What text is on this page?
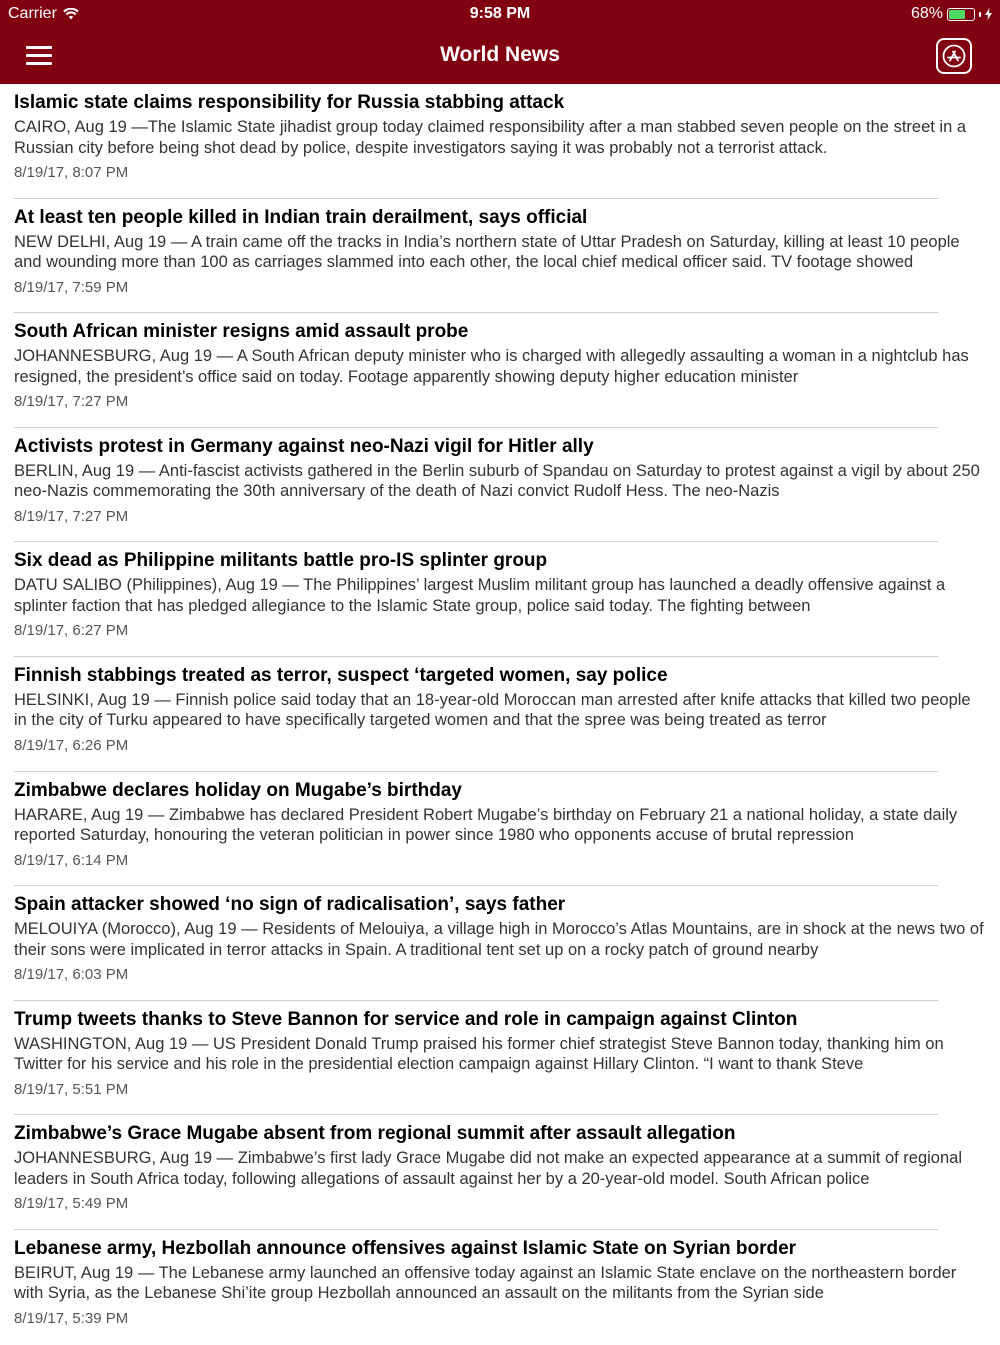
Carrier	9:58 PM	68%
World News
Islamic state claims responsibility for Russia stabbing attack
CAIRO, Aug 19 —The Islamic State jihadist group today claimed responsibility after a man stabbed seven people on the street in a Russian city before being shot dead by police, despite investigators saying it was probably not a terrorist attack.
8/19/17, 8:07 PM
At least ten people killed in Indian train derailment, says official
NEW DELHI, Aug 19 — A train came off the tracks in India’s northern state of Uttar Pradesh on Saturday, killing at least 10 people and wounding more than 100 as carriages slammed into each other, the local chief medical officer said. TV footage showed
8/19/17, 7:59 PM
South African minister resigns amid assault probe
JOHANNESBURG, Aug 19 — A South African deputy minister who is charged with allegedly assaulting a woman in a nightclub has resigned, the president’s office said on today. Footage apparently showing deputy higher education minister
8/19/17, 7:27 PM
Activists protest in Germany against neo-Nazi vigil for Hitler ally
BERLIN, Aug 19 — Anti-fascist activists gathered in the Berlin suburb of Spandau on Saturday to protest against a vigil by about 250 neo-Nazis commemorating the 30th anniversary of the death of Nazi convict Rudolf Hess. The neo-Nazis
8/19/17, 7:27 PM
Six dead as Philippine militants battle pro-IS splinter group
DATU SALIBO (Philippines), Aug 19 — The Philippines’ largest Muslim militant group has launched a deadly offensive against a splinter faction that has pledged allegiance to the Islamic State group, police said today. The fighting between
8/19/17, 6:27 PM
Finnish stabbings treated as terror, suspect ‘targeted women, say police
HELSINKI, Aug 19 — Finnish police said today that an 18-year-old Moroccan man arrested after knife attacks that killed two people in the city of Turku appeared to have specifically targeted women and that the spree was being treated as terror
8/19/17, 6:26 PM
Zimbabwe declares holiday on Mugabe’s birthday
HARARE, Aug 19 — Zimbabwe has declared President Robert Mugabe’s birthday on February 21 a national holiday, a state daily reported Saturday, honouring the veteran politician in power since 1980 who opponents accuse of brutal repression
8/19/17, 6:14 PM
Spain attacker showed ‘no sign of radicalisation’, says father
MELOUIYA (Morocco), Aug 19 — Residents of Melouiya, a village high in Morocco’s Atlas Mountains, are in shock at the news two of their sons were implicated in terror attacks in Spain. A traditional tent set up on a rocky patch of ground nearby
8/19/17, 6:03 PM
Trump tweets thanks to Steve Bannon for service and role in campaign against Clinton
WASHINGTON, Aug 19 — US President Donald Trump praised his former chief strategist Steve Bannon today, thanking him on Twitter for his service and his role in the presidential election campaign against Hillary Clinton. “I want to thank Steve
8/19/17, 5:51 PM
Zimbabwe’s Grace Mugabe absent from regional summit after assault allegation
JOHANNESBURG, Aug 19 — Zimbabwe’s first lady Grace Mugabe did not make an expected appearance at a summit of regional leaders in South Africa today, following allegations of assault against her by a 20-year-old model. South African police
8/19/17, 5:49 PM
Lebanese army, Hezbollah announce offensives against Islamic State on Syrian border
BEIRUT, Aug 19 — The Lebanese army launched an offensive today against an Islamic State enclave on the northeastern border with Syria, as the Lebanese Shi’ite group Hezbollah announced an assault on the militants from the Syrian side
8/19/17, 5:39 PM
